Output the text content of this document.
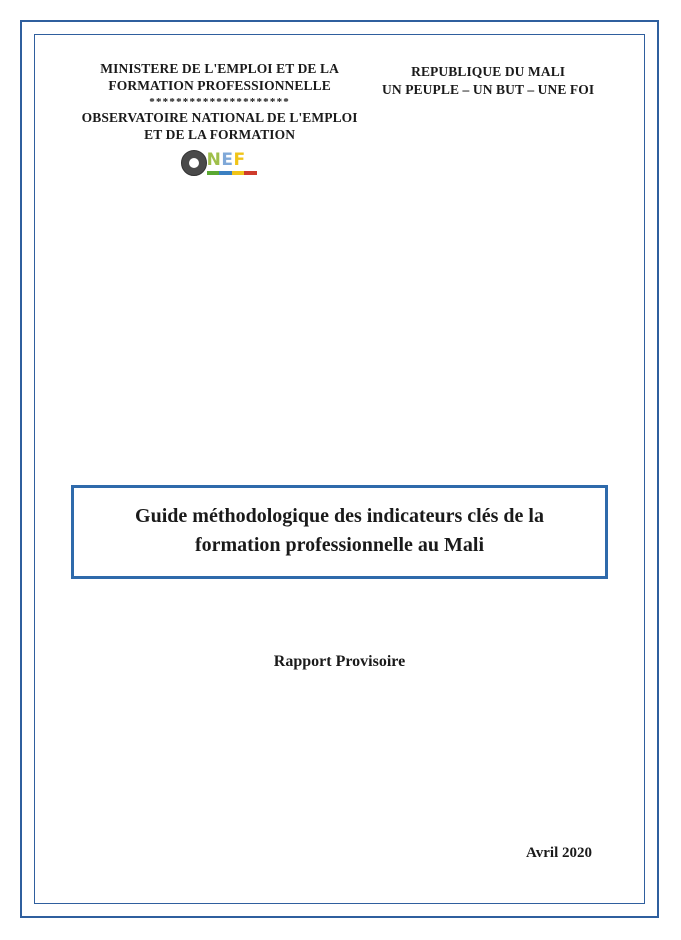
MINISTERE DE L'EMPLOI ET DE LA
FORMATION PROFESSIONNELLE
*********************
OBSERVATOIRE NATIONAL DE L'EMPLOI
ET DE LA FORMATION
NEF
REPUBLIQUE DU MALI
UN PEUPLE – UN BUT – UNE FOI
Guide méthodologique des indicateurs clés de la formation professionnelle au Mali
Rapport Provisoire
Avril 2020
